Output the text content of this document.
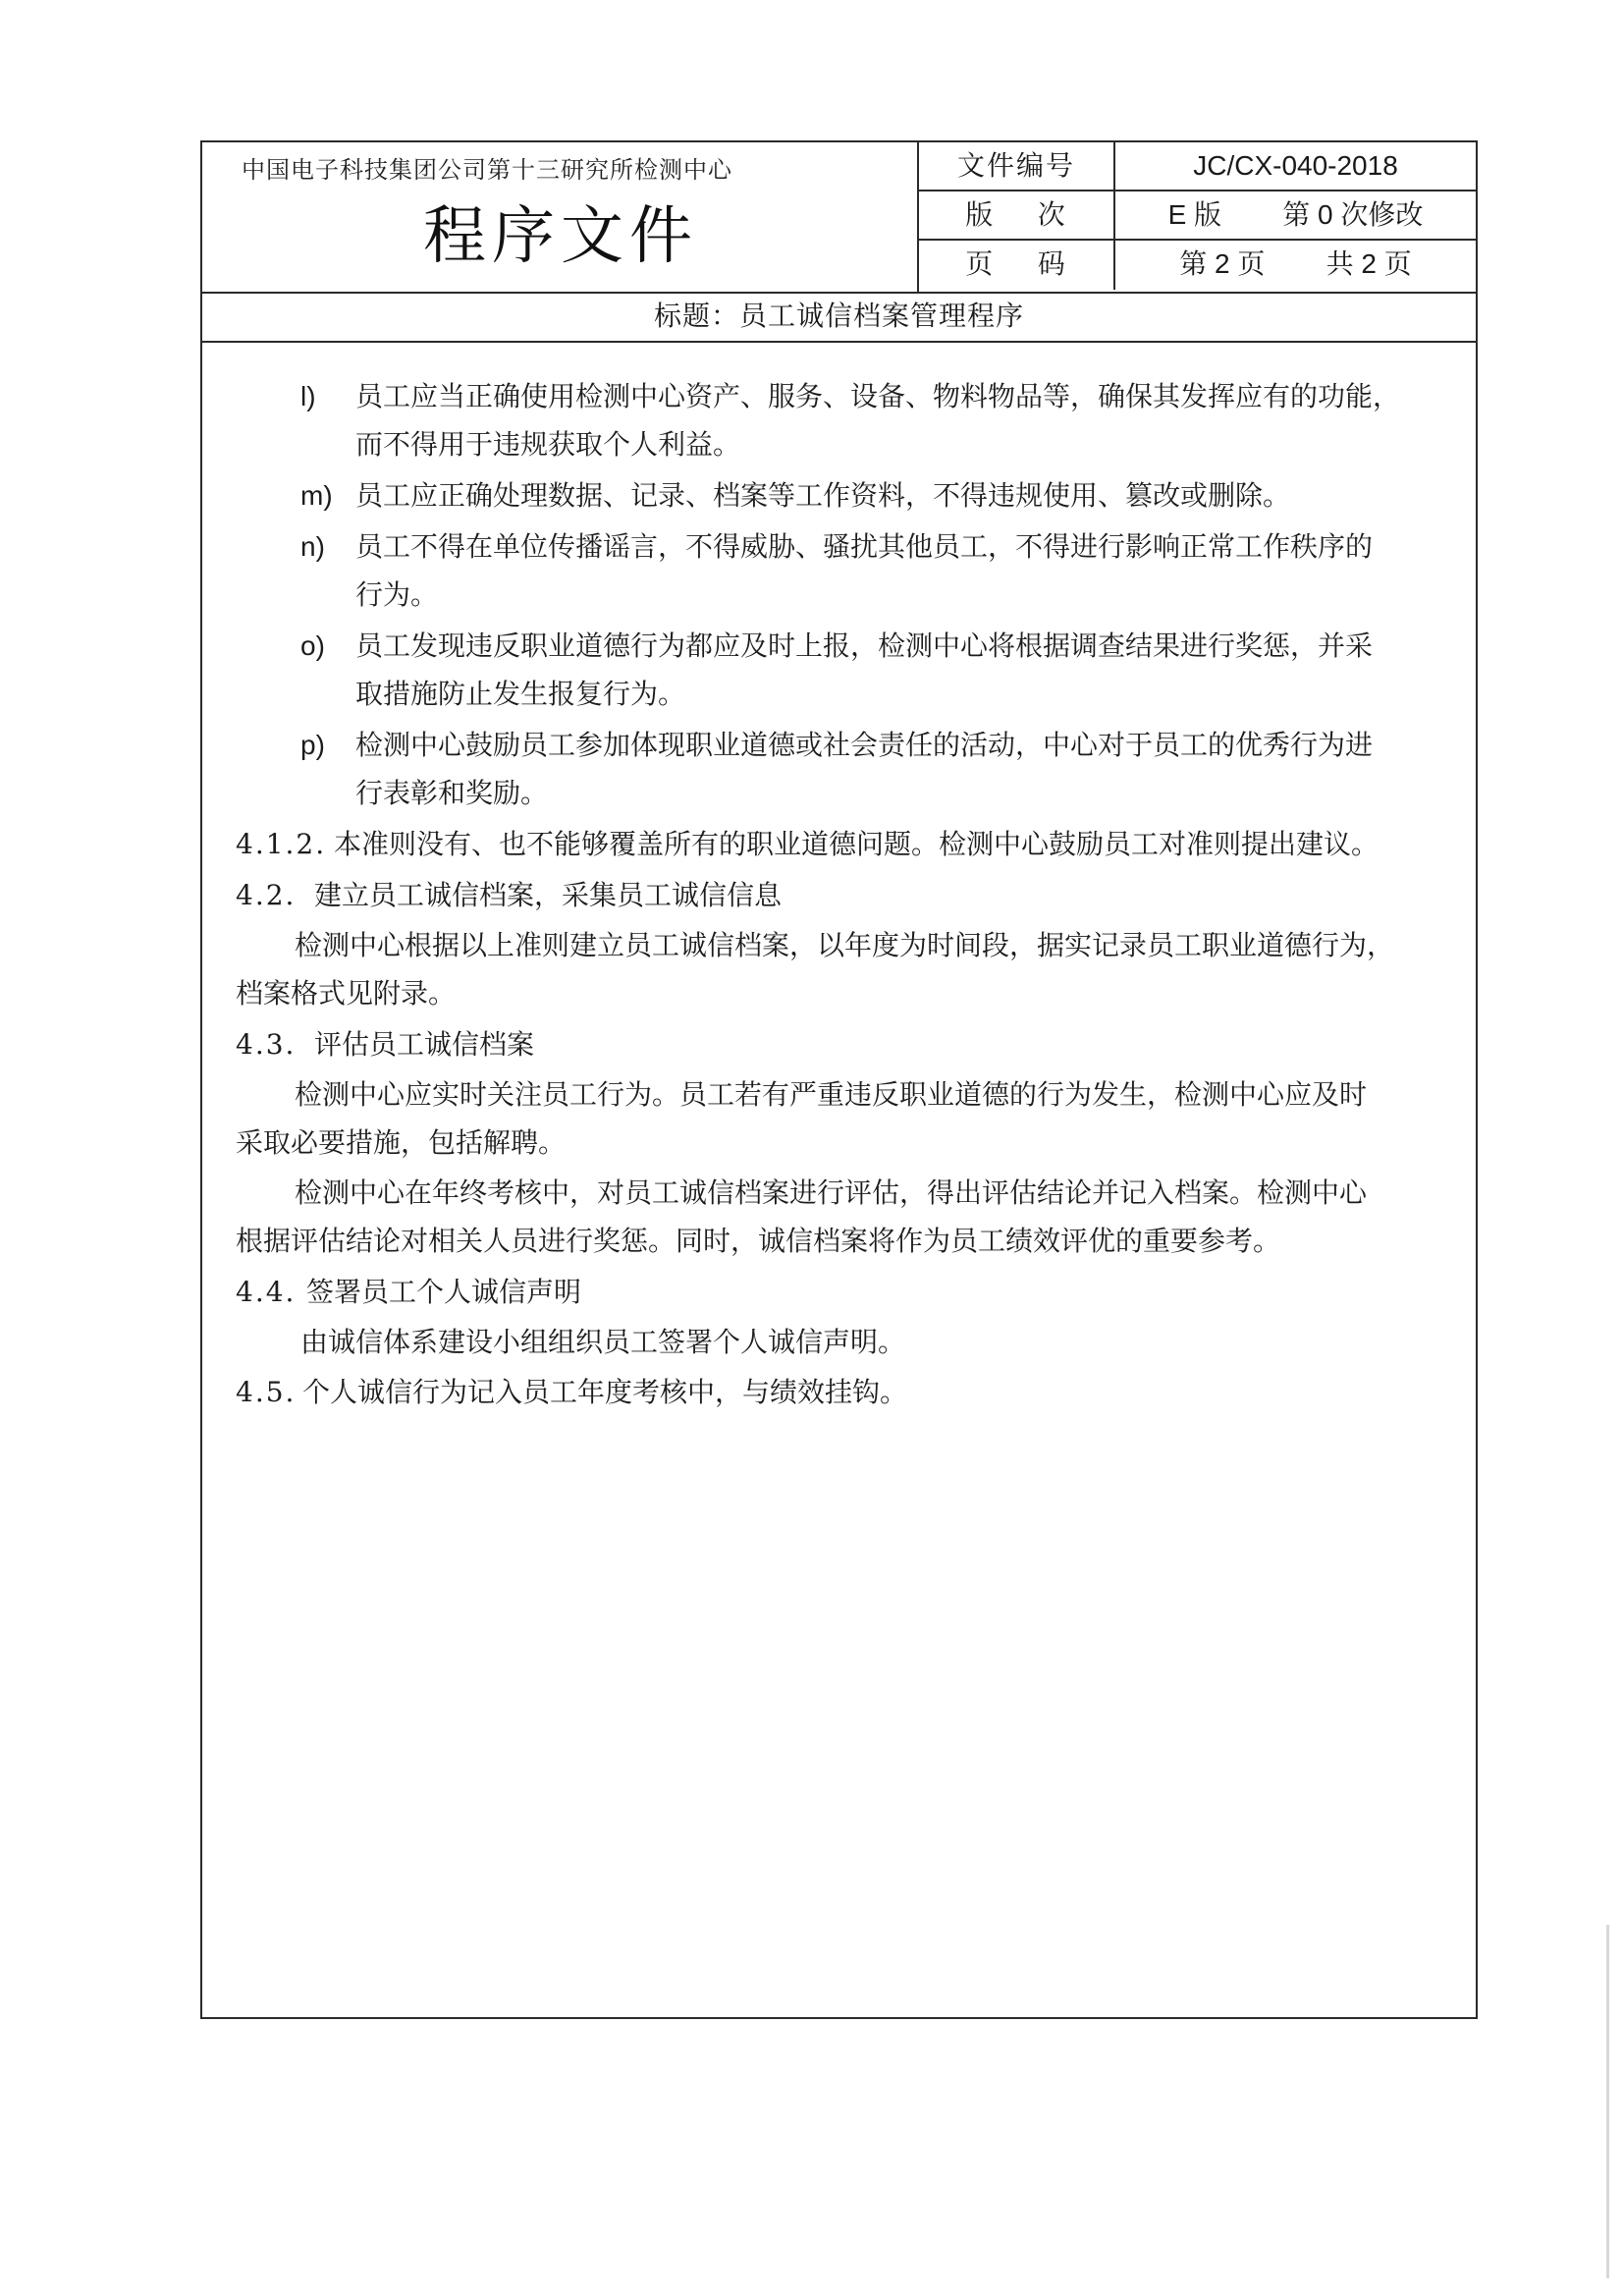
中国电子科技集团公司第十三研究所检测中心
程序文件
文件编号	JC/CX-040-2018
版    次	E 版        第 0 次修改
页    码	第 2 页        共 2 页
标题：员工诚信档案管理程序
l) 员工应当正确使用检测中心资产、服务、设备、物料物品等，确保其发挥应有的功能，
而不得用于违规获取个人利益。
m) 员工应正确处理数据、记录、档案等工作资料，不得违规使用、篡改或删除。
n) 员工不得在单位传播谣言，不得威胁、骚扰其他员工，不得进行影响正常工作秩序的
行为。
o) 员工发现违反职业道德行为都应及时上报，检测中心将根据调查结果进行奖惩，并采
取措施防止发生报复行为。
p) 检测中心鼓励员工参加体现职业道德或社会责任的活动，中心对于员工的优秀行为进
行表彰和奖励。
4.1.2. 本准则没有、也不能够覆盖所有的职业道德问题。检测中心鼓励员工对准则提出建议。
4.2. 建立员工诚信档案，采集员工诚信信息
检测中心根据以上准则建立员工诚信档案，以年度为时间段，据实记录员工职业道德行为，
档案格式见附录。
4.3. 评估员工诚信档案
检测中心应实时关注员工行为。员工若有严重违反职业道德的行为发生，检测中心应及时
采取必要措施，包括解聘。
检测中心在年终考核中，对员工诚信档案进行评估，得出评估结论并记入档案。检测中心
根据评估结论对相关人员进行奖惩。同时，诚信档案将作为员工绩效评优的重要参考。
4.4. 签署员工个人诚信声明
由诚信体系建设小组组织员工签署个人诚信声明。
4.5. 个人诚信行为记入员工年度考核中，与绩效挂钩。
